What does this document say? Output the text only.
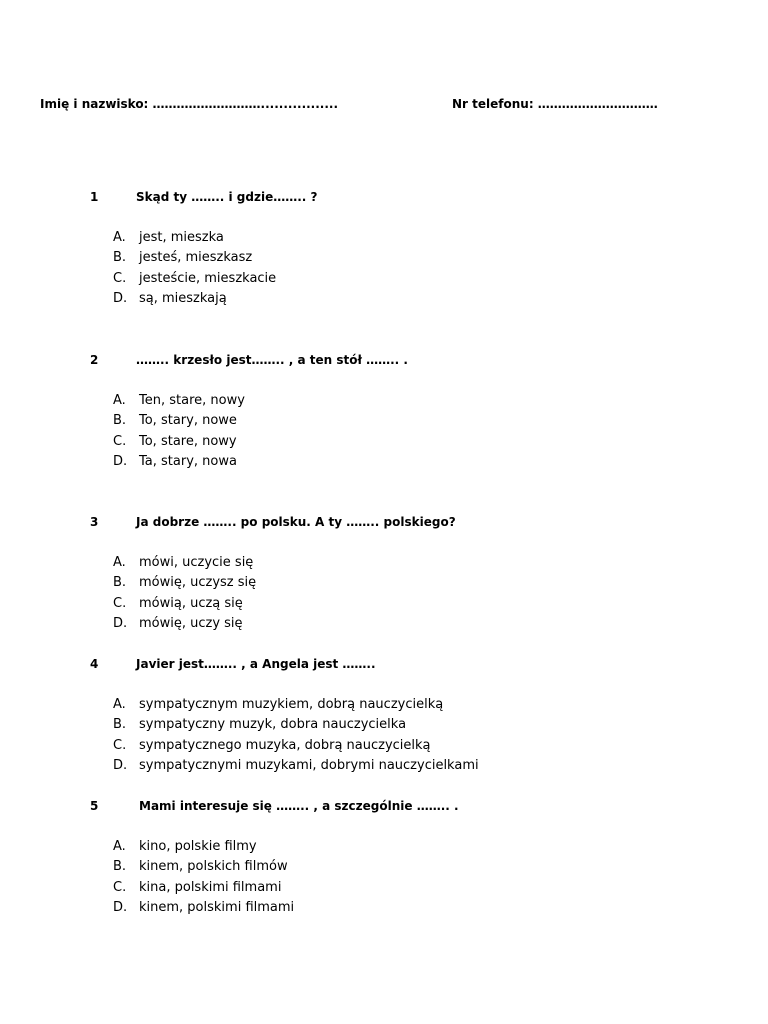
Imię i nazwisko: ……………………….................	Nr telefonu: …………………………
1	Skąd ty …….. i gdzie…….. ?
A. jest, mieszka
B. jesteś, mieszkasz
C. jesteście, mieszkacie
D. są, mieszkają
2	…….. krzesło jest…….. , a ten stół …….. .
A. Ten, stare, nowy
B. To, stary, nowe
C. To, stare, nowy
D. Ta, stary, nowa
3	Ja dobrze …….. po polsku. A ty …….. polskiego?
A. mówi, uczycie się
B. mówię, uczysz się
C. mówią, uczą się
D. mówię, uczy się
4	Javier jest…….. , a Angela jest ……..
A. sympatycznym muzykiem, dobrą nauczycielką
B. sympatyczny muzyk, dobra nauczycielka
C. sympatycznego muzyka, dobrą nauczycielką
D. sympatycznymi muzykami, dobrymi nauczycielkami
5	Mami interesuje się …….. , a szczególnie …….. .
A. kino, polskie filmy
B. kinem, polskich filmów
C. kina, polskimi filmami
D. kinem, polskimi filmami
